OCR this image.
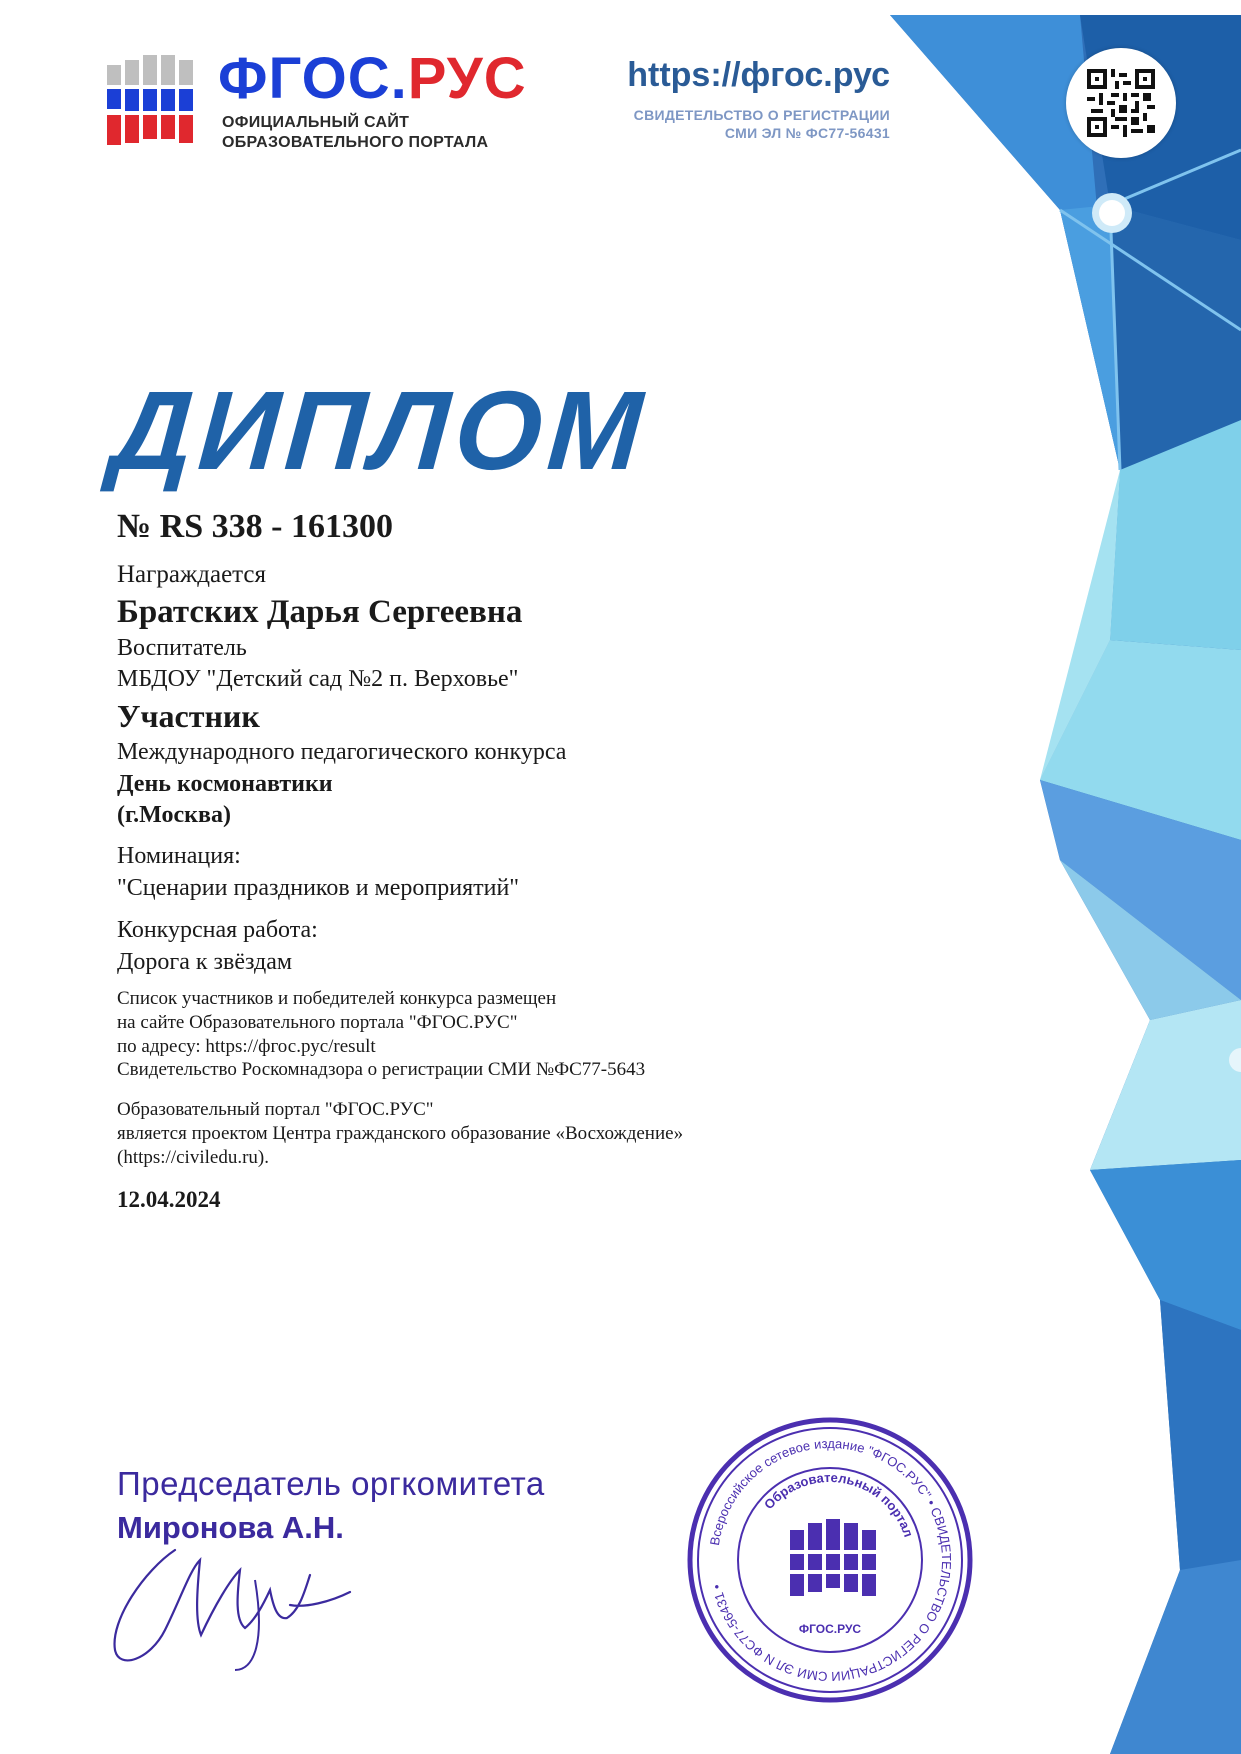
ФГОС.РУС
ОФИЦИАЛЬНЫЙ САЙТ
ОБРАЗОВАТЕЛЬНОГО ПОРТАЛА
https://фгос.рус
СВИДЕТЕЛЬСТВО О РЕГИСТРАЦИИ
СМИ ЭЛ № ФС77-56431
ДИПЛОМ
№ RS 338 - 161300
Награждается
Братских Дарья Сергеевна
Воспитатель
МБДОУ "Детский сад №2 п. Верховье"
Участник
Международного педагогического конкурса
День космонавтики
(г.Москва)
Номинация:
"Сценарии праздников и мероприятий"
Конкурсная работа:
Дорога к звёздам
Список участников и победителей конкурса размещен
на сайте Образовательного портала "ФГОС.РУС"
по адресу: https://фгос.рус/result
Свидетельство Роскомнадзора о регистрации СМИ №ФС77-5643
Образовательный портал "ФГОС.РУС"
является проектом Центра гражданского образование «Восхождение»
(https://civiledu.ru).
12.04.2024
Председатель оргкомитета
Миронова А.Н.	Всероссийское сетевое издание "ФГОС.РУС" • СВИДЕТЕЛЬСТВО О РЕГИСТРАЦИИ СМИ ЭЛ N ФС77-56431 •
Образовательный портал
ФГОС.РУС
